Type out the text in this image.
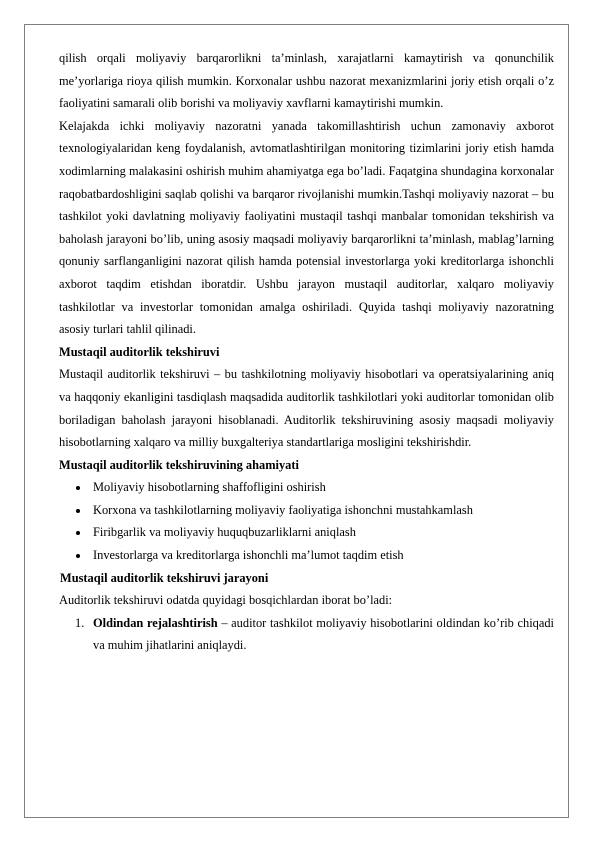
qilish orqali moliyaviy barqarorlikni ta’minlash, xarajatlarni kamaytirish va qonunchilik me’yorlariga rioya qilish mumkin. Korxonalar ushbu nazorat mexanizmlarini joriy etish orqali o’z faoliyatini samarali olib borishi va moliyaviy xavflarni kamaytirishi mumkin.

Kelajakda ichki moliyaviy nazoratni yanada takomillashtirish uchun zamonaviy axborot texnologiyalaridan keng foydalanish, avtomatlashtirilgan monitoring tizimlarini joriy etish hamda xodimlarning malakasini oshirish muhim ahamiyatga ega bo’ladi. Faqatgina shundagina korxonalar raqobatbardoshligini saqlab qolishi va barqaror rivojlanishi mumkin.Tashqi moliyaviy nazorat – bu tashkilot yoki davlatning moliyaviy faoliyatini mustaqil tashqi manbalar tomonidan tekshirish va baholash jarayoni bo’lib, uning asosiy maqsadi moliyaviy barqarorlikni ta’minlash, mablag’larning qonuniy sarflanganligini nazorat qilish hamda potensial investorlarga yoki kreditorlarga ishonchli axborot taqdim etishdan iboratdir. Ushbu jarayon mustaqil auditorlar, xalqaro moliyaviy tashkilotlar va investorlar tomonidan amalga oshiriladi. Quyida tashqi moliyaviy nazoratning asosiy turlari tahlil qilinadi.

Mustaqil auditorlik tekshiruvi

Mustaqil auditorlik tekshiruvi – bu tashkilotning moliyaviy hisobotlari va operatsiyalarining aniq va haqqoniy ekanligini tasdiqlash maqsadida auditorlik tashkilotlari yoki auditorlar tomonidan olib boriladigan baholash jarayoni hisoblanadi. Auditorlik tekshiruvining asosiy maqsadi moliyaviy hisobotlarning xalqaro va milliy buxgalteriya standartlariga mosligini tekshirishdir.

Mustaqil auditorlik tekshiruvining ahamiyati
Moliyaviy hisobotlarning shaffofligini oshirish
Korxona va tashkilotlarning moliyaviy faoliyatiga ishonchni mustahkamlash
Firibgarlik va moliyaviy huquqbuzarliklarni aniqlash
Investorlarga va kreditorlarga ishonchli ma’lumot taqdim etish
Mustaqil auditorlik tekshiruvi jarayoni

Auditorlik tekshiruvi odatda quyidagi bosqichlardan iborat bo’ladi:

1. Oldindan rejalashtirish – auditor tashkilot moliyaviy hisobotlarini oldindan ko’rib chiqadi va muhim jihatlarini aniqlaydi.
